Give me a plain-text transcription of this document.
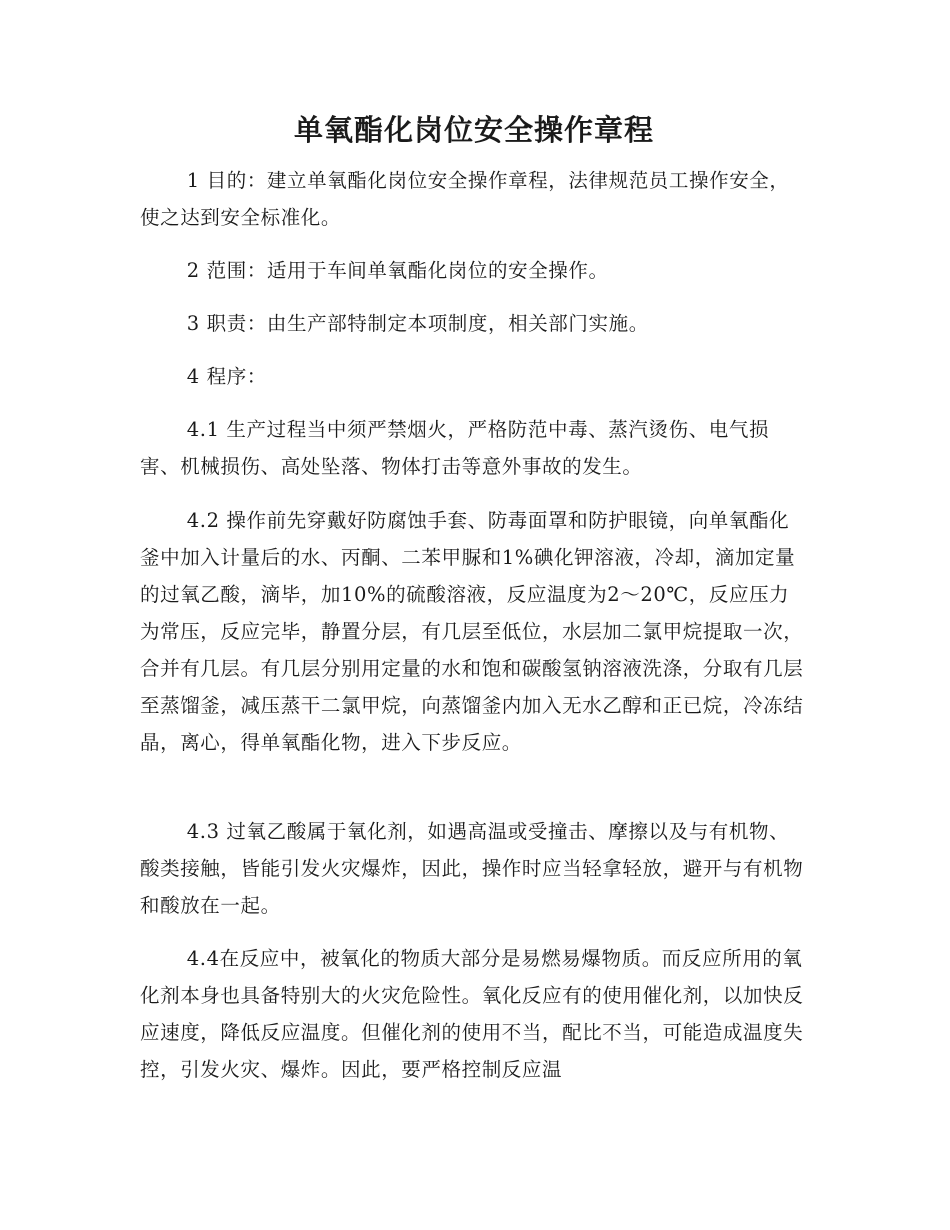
单氧酯化岗位安全操作章程

1 目的：建立单氧酯化岗位安全操作章程，法律规范员工操作安全，使之达到安全标准化。

2 范围：适用于车间单氧酯化岗位的安全操作。

3 职责：由生产部特制定本项制度，相关部门实施。

4 程序：

4.1 生产过程当中须严禁烟火，严格防范中毒、蒸汽烫伤、电气损害、机械损伤、高处坠落、物体打击等意外事故的发生。

4.2 操作前先穿戴好防腐蚀手套、防毒面罩和防护眼镜，向单氧酯化釜中加入计量后的水、丙酮、二苯甲脲和1%碘化钾溶液，冷却，滴加定量的过氧乙酸，滴毕，加10%的硫酸溶液，反应温度为2～20℃，反应压力为常压，反应完毕，静置分层，有几层至低位，水层加二氯甲烷提取一次，合并有几层。有几层分别用定量的水和饱和碳酸氢钠溶液洗涤，分取有几层至蒸馏釜，减压蒸干二氯甲烷，向蒸馏釜内加入无水乙醇和正已烷，冷冻结晶，离心，得单氧酯化物，进入下步反应。

4.3 过氧乙酸属于氧化剂，如遇高温或受撞击、摩擦以及与有机物、酸类接触，皆能引发火灾爆炸，因此，操作时应当轻拿轻放，避开与有机物和酸放在一起。

4.4在反应中，被氧化的物质大部分是易燃易爆物质。而反应所用的氧化剂本身也具备特别大的火灾危险性。氧化反应有的使用催化剂，以加快反应速度，降低反应温度。但催化剂的使用不当，配比不当，可能造成温度失控，引发火灾、爆炸。因此，要严格控制反应温
